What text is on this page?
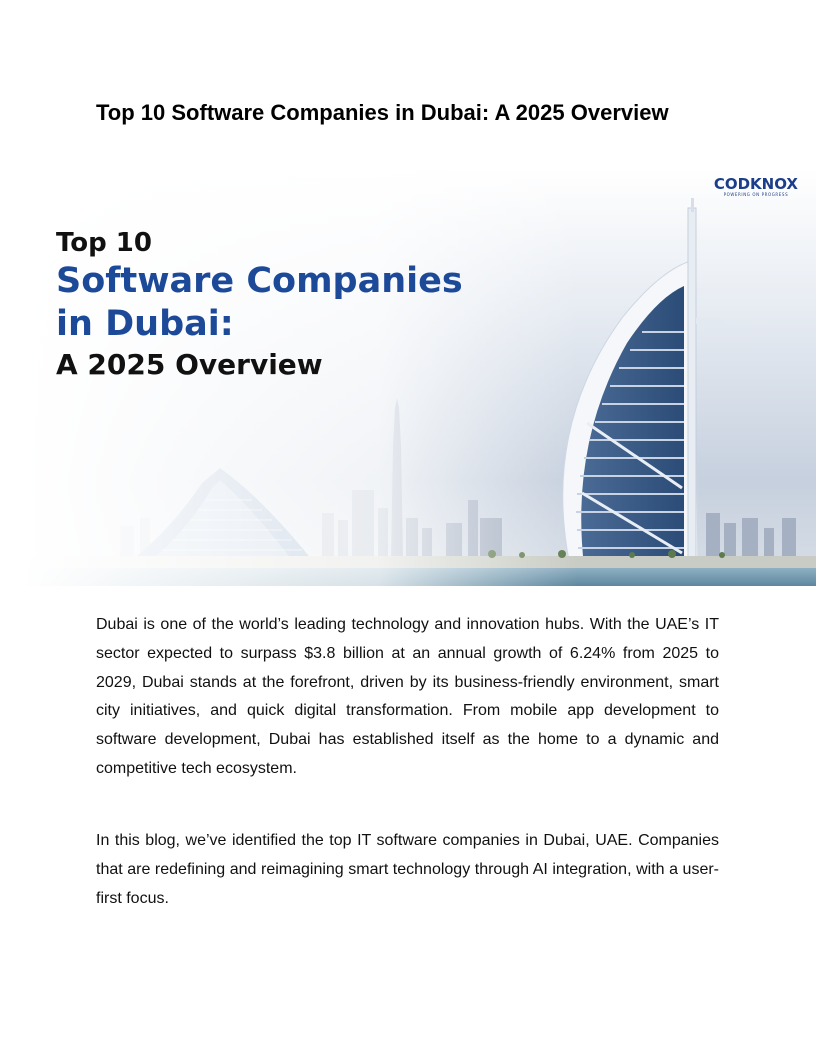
Top 10 Software Companies in Dubai: A 2025 Overview
CODKNOX
POWERING ON PROGRESS
Top 10
Software Companies
in Dubai:
A 2025 Overview

Dubai is one of the world’s leading technology and innovation hubs. With the UAE’s IT sector expected to surpass $3.8 billion at an annual growth of 6.24% from 2025 to 2029, Dubai stands at the forefront, driven by its business-friendly environment, smart city initiatives, and quick digital transformation. From mobile app development to software development, Dubai has established itself as the home to a dynamic and competitive tech ecosystem.

In this blog, we’ve identified the top IT software companies in Dubai, UAE. Companies that are redefining and reimagining smart technology through AI integration, with a user-first focus.
